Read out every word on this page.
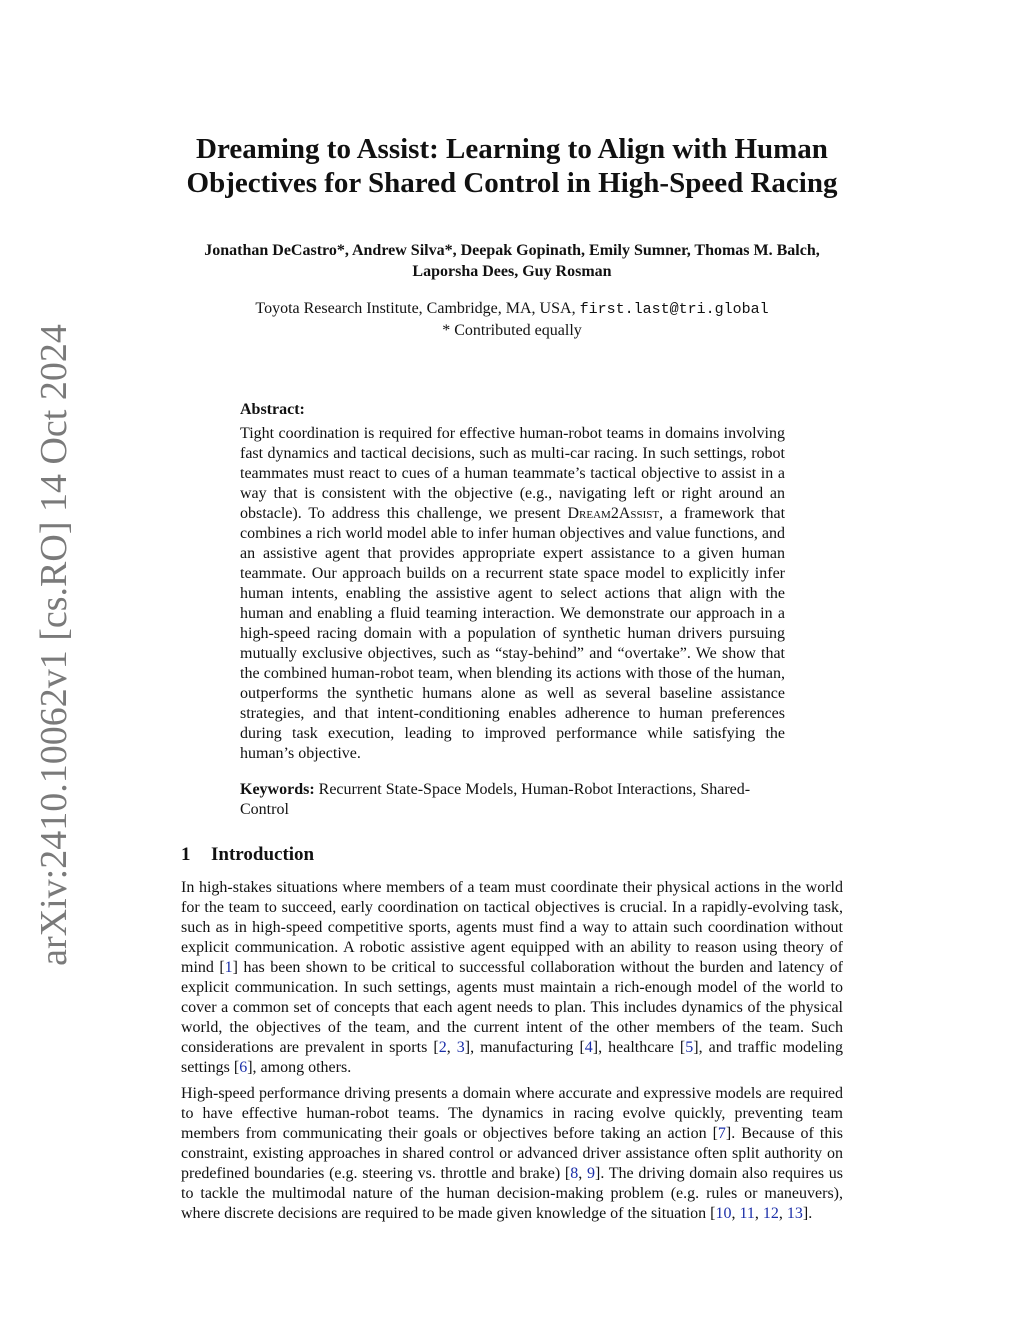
arXiv:2410.10062v1 [cs.RO] 14 Oct 2024
Dreaming to Assist: Learning to Align with Human Objectives for Shared Control in High-Speed Racing
Jonathan DeCastro*, Andrew Silva*, Deepak Gopinath, Emily Sumner, Thomas M. Balch,
Laporsha Dees, Guy Rosman
Toyota Research Institute, Cambridge, MA, USA, first.last@tri.global
* Contributed equally
Abstract:
Tight coordination is required for effective human-robot teams in domains involving fast dynamics and tactical decisions, such as multi-car racing. In such settings, robot teammates must react to cues of a human teammate’s tactical objective to assist in a way that is consistent with the objective (e.g., navigating left or right around an obstacle). To address this challenge, we present Dream2Assist, a framework that combines a rich world model able to infer human objectives and value functions, and an assistive agent that provides appropriate expert assistance to a given human teammate. Our approach builds on a recurrent state space model to explicitly infer human intents, enabling the assistive agent to select actions that align with the human and enabling a fluid teaming interaction. We demonstrate our approach in a high-speed racing domain with a population of synthetic human drivers pursuing mutually exclusive objectives, such as “stay-behind” and “overtake”. We show that the combined human-robot team, when blending its actions with those of the human, outperforms the synthetic humans alone as well as several baseline assistance strategies, and that intent-conditioning enables adherence to human preferences during task execution, leading to improved performance while satisfying the human’s objective.
Keywords: Recurrent State-Space Models, Human-Robot Interactions, Shared-Control
1 Introduction

In high-stakes situations where members of a team must coordinate their physical actions in the world for the team to succeed, early coordination on tactical objectives is crucial. In a rapidly-evolving task, such as in high-speed competitive sports, agents must find a way to attain such coordination without explicit communication. A robotic assistive agent equipped with an ability to reason using theory of mind [1] has been shown to be critical to successful collaboration without the burden and latency of explicit communication. In such settings, agents must maintain a rich-enough model of the world to cover a common set of concepts that each agent needs to plan. This includes dynamics of the physical world, the objectives of the team, and the current intent of the other members of the team. Such considerations are prevalent in sports [2, 3], manufacturing [4], healthcare [5], and traffic modeling settings [6], among others.

High-speed performance driving presents a domain where accurate and expressive models are required to have effective human-robot teams. The dynamics in racing evolve quickly, preventing team members from communicating their goals or objectives before taking an action [7]. Because of this constraint, existing approaches in shared control or advanced driver assistance often split authority on predefined boundaries (e.g. steering vs. throttle and brake) [8, 9]. The driving domain also requires us to tackle the multimodal nature of the human decision-making problem (e.g. rules or maneuvers), where discrete decisions are required to be made given knowledge of the situation [10, 11, 12, 13].
